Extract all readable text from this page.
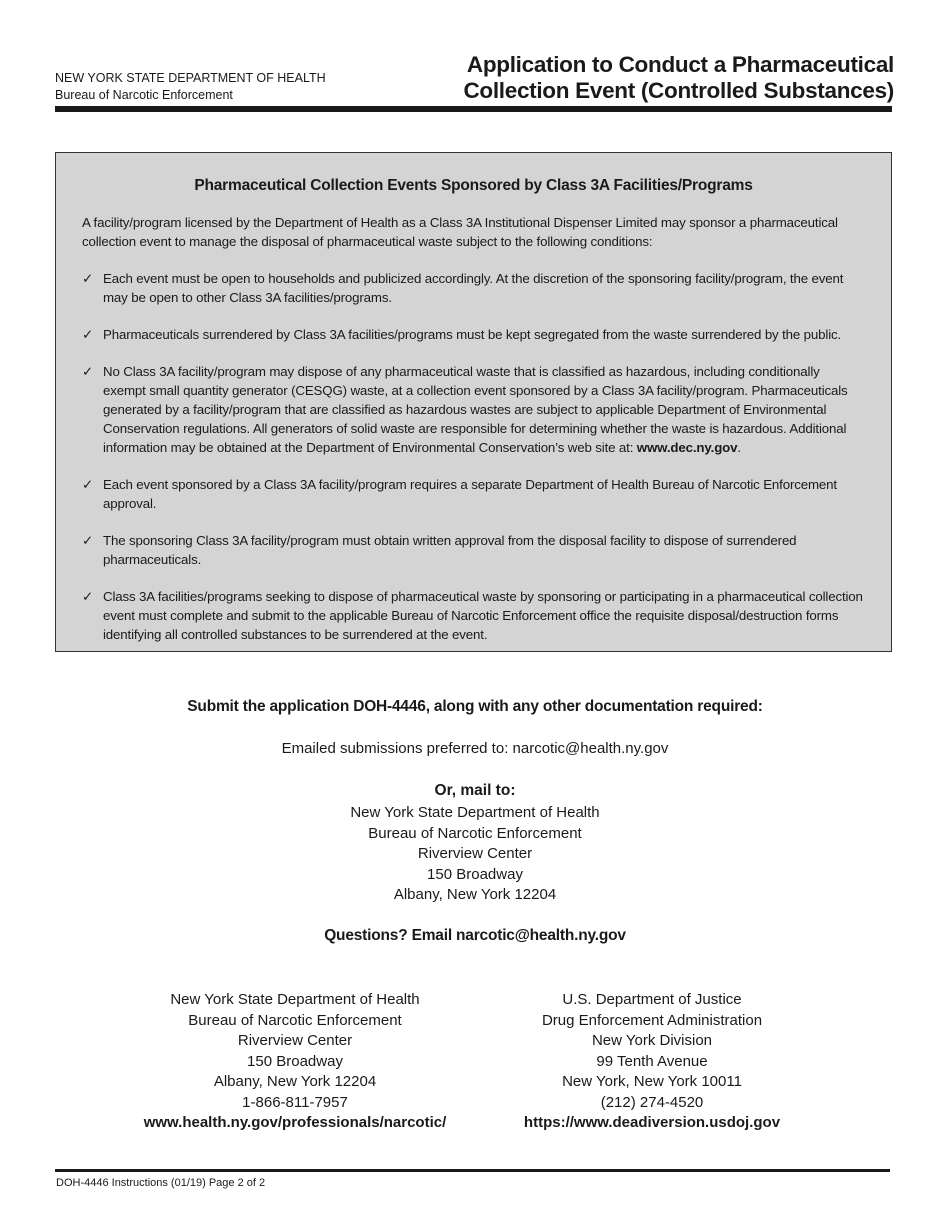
NEW YORK STATE DEPARTMENT OF HEALTH
Bureau of Narcotic Enforcement
Application to Conduct a Pharmaceutical
Collection Event (Controlled Substances)
Pharmaceutical Collection Events Sponsored by Class 3A Facilities/Programs
A facility/program licensed by the Department of Health as a Class 3A Institutional Dispenser Limited may sponsor a pharmaceutical collection event to manage the disposal of pharmaceutical waste subject to the following conditions:
✓ Each event must be open to households and publicized accordingly. At the discretion of the sponsoring facility/program, the event may be open to other Class 3A facilities/programs.
✓ Pharmaceuticals surrendered by Class 3A facilities/programs must be kept segregated from the waste surrendered by the public.
✓ No Class 3A facility/program may dispose of any pharmaceutical waste that is classified as hazardous, including conditionally exempt small quantity generator (CESQG) waste, at a collection event sponsored by a Class 3A facility/program. Pharmaceuticals generated by a facility/program that are classified as hazardous wastes are subject to applicable Department of Environmental Conservation regulations. All generators of solid waste are responsible for determining whether the waste is hazardous. Additional information may be obtained at the Department of Environmental Conservation’s web site at: www.dec.ny.gov.
✓ Each event sponsored by a Class 3A facility/program requires a separate Department of Health Bureau of Narcotic Enforcement approval.
✓ The sponsoring Class 3A facility/program must obtain written approval from the disposal facility to dispose of surrendered pharmaceuticals.
✓ Class 3A facilities/programs seeking to dispose of pharmaceutical waste by sponsoring or participating in a pharmaceutical collection event must complete and submit to the applicable Bureau of Narcotic Enforcement office the requisite disposal/destruction forms identifying all controlled substances to be surrendered at the event.
Submit the application DOH-4446, along with any other documentation required:
Emailed submissions preferred to: narcotic@health.ny.gov
Or, mail to:
New York State Department of Health
Bureau of Narcotic Enforcement
Riverview Center
150 Broadway
Albany, New York 12204
Questions? Email narcotic@health.ny.gov
New York State Department of Health
Bureau of Narcotic Enforcement
Riverview Center
150 Broadway
Albany, New York 12204
1-866-811-7957
www.health.ny.gov/professionals/narcotic/
U.S. Department of Justice
Drug Enforcement Administration
New York Division
99 Tenth Avenue
New York, New York 10011
(212) 274-4520
https://www.deadiversion.usdoj.gov
DOH-4446 Instructions (01/19) Page 2 of 2
